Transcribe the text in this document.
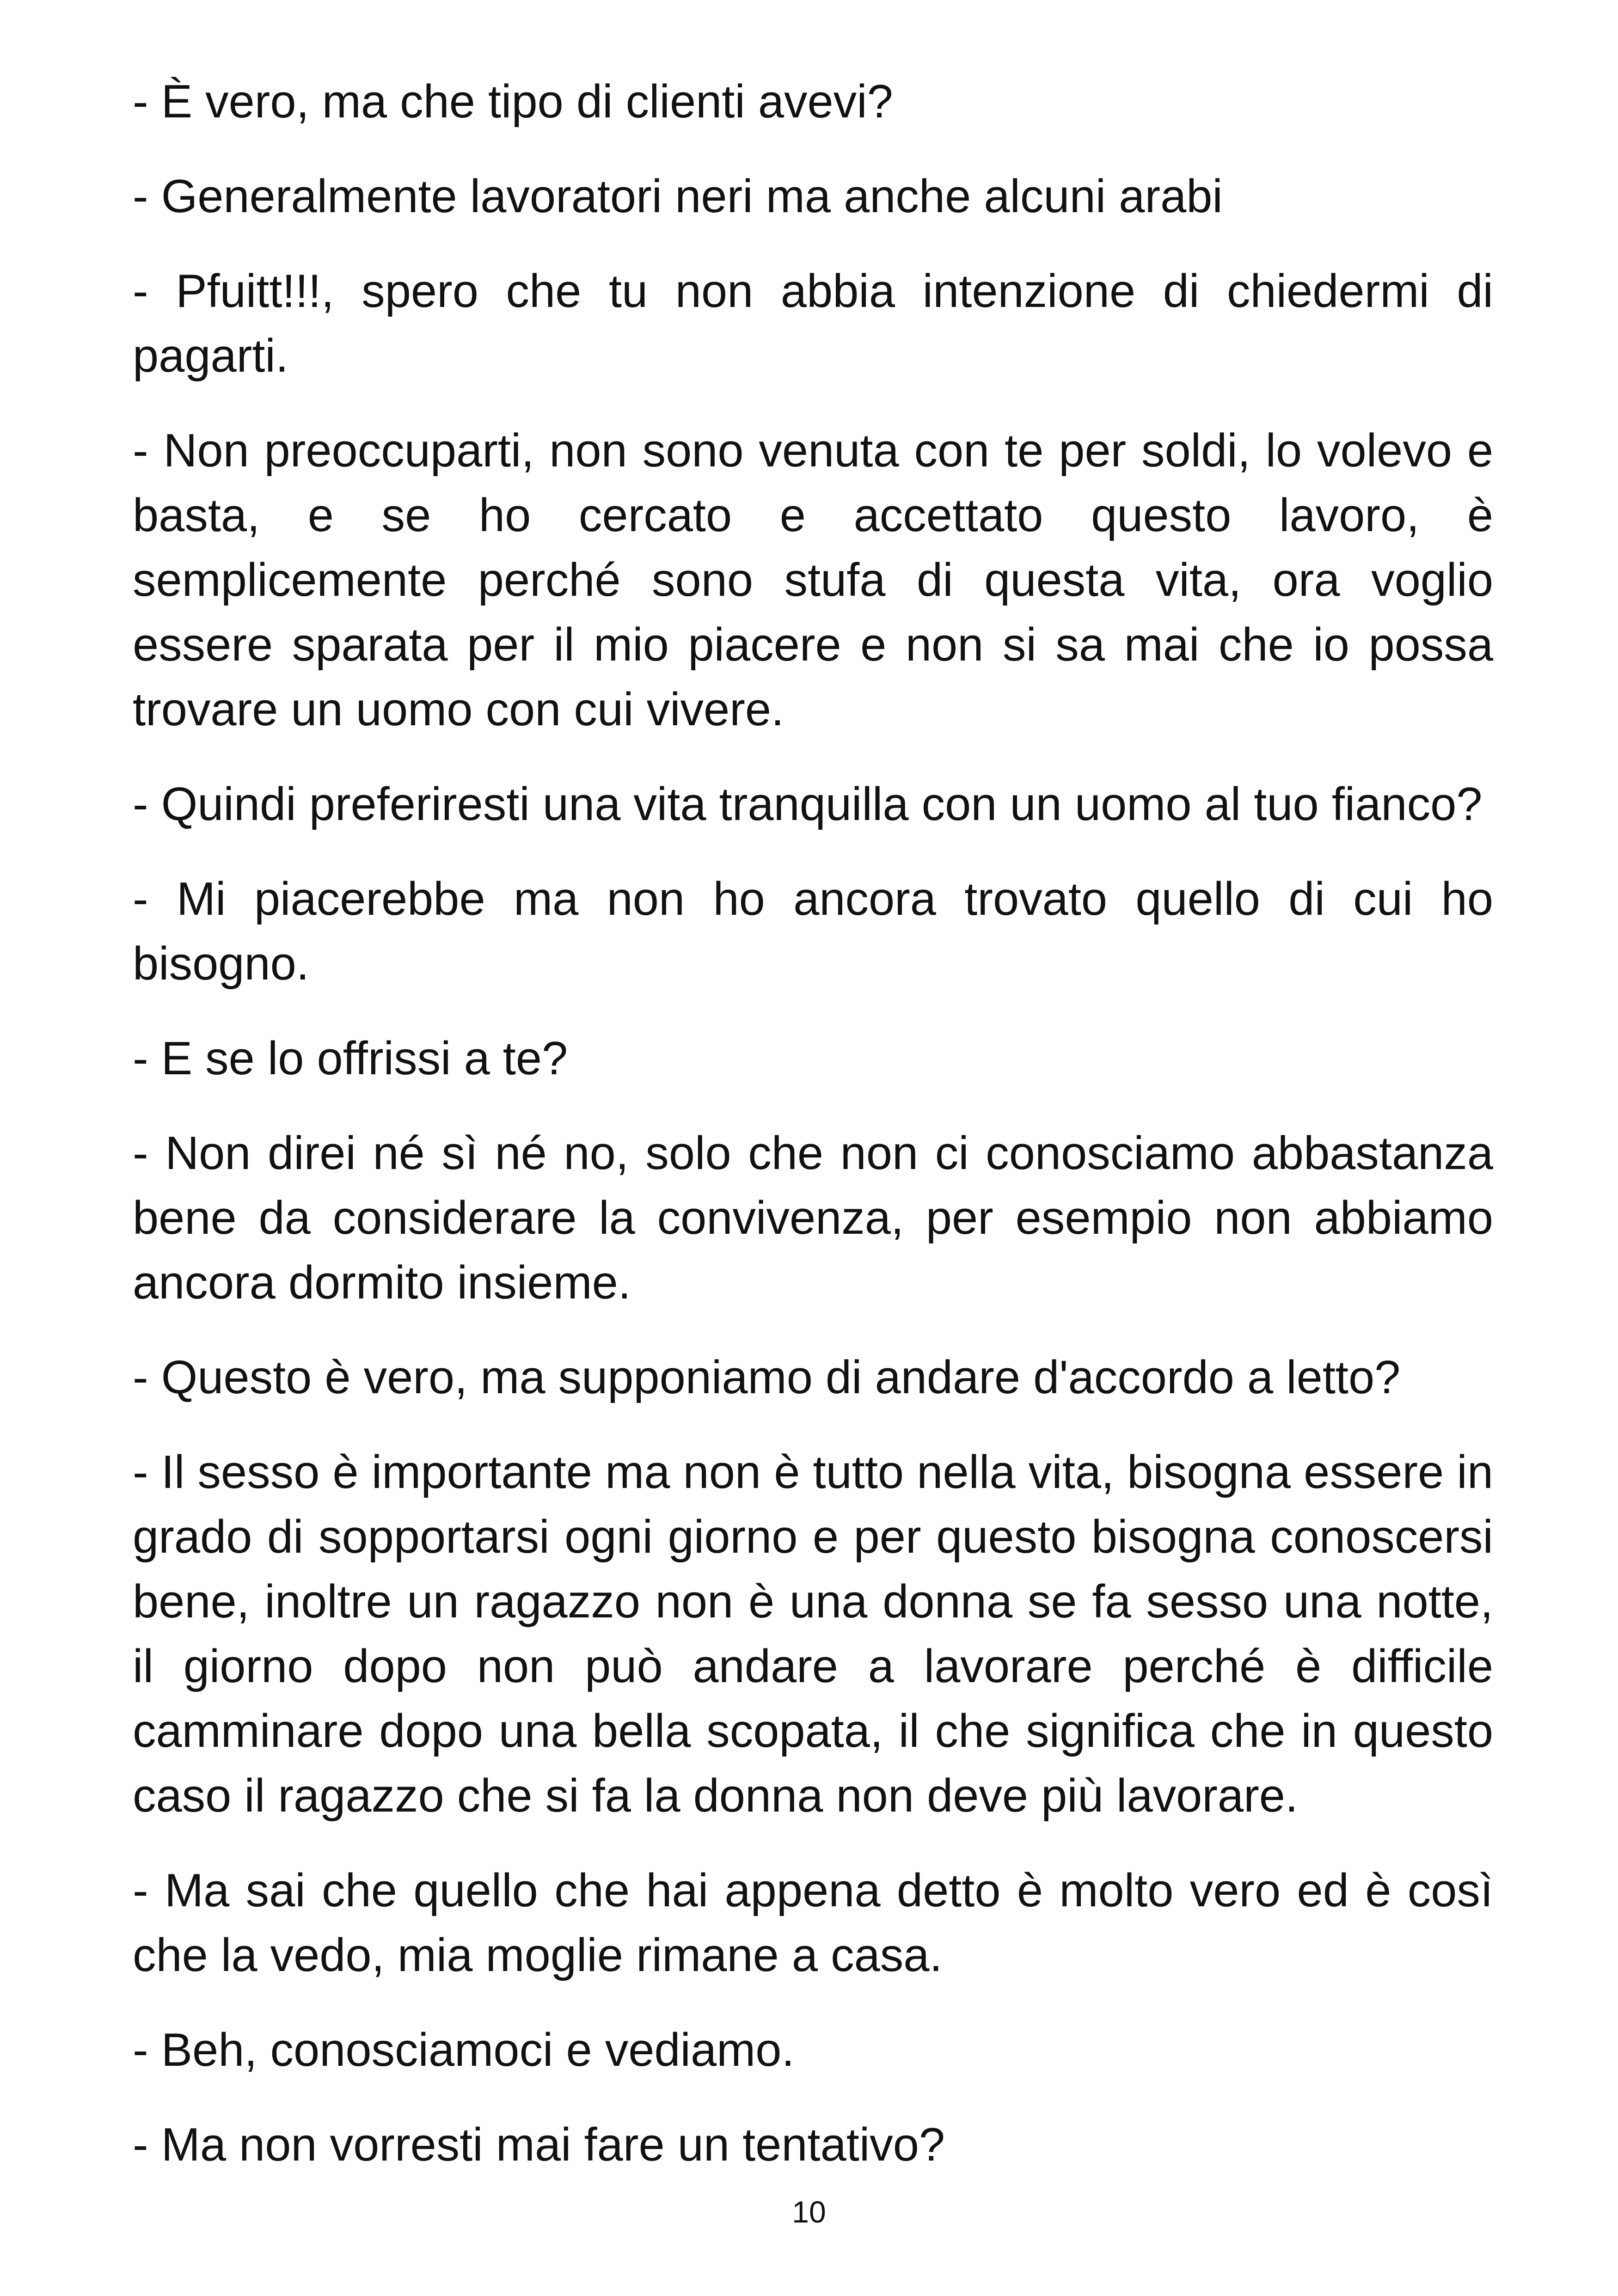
- È vero, ma che tipo di clienti avevi?

- Generalmente lavoratori neri ma anche alcuni arabi

- Pfuitt!!!, spero che tu non abbia intenzione di chiedermi di pagarti.

- Non preoccuparti, non sono venuta con te per soldi, lo volevo e basta, e se ho cercato e accettato questo lavoro, è semplicemente perché sono stufa di questa vita, ora voglio essere sparata per il mio piacere e non si sa mai che io possa trovare un uomo con cui vivere.

- Quindi preferiresti una vita tranquilla con un uomo al tuo fianco?

- Mi piacerebbe ma non ho ancora trovato quello di cui ho bisogno.

- E se lo offrissi a te?

- Non direi né sì né no, solo che non ci conosciamo abbastanza bene da considerare la convivenza, per esempio non abbiamo ancora dormito insieme.

- Questo è vero, ma supponiamo di andare d'accordo a letto?

- Il sesso è importante ma non è tutto nella vita, bisogna essere in grado di sopportarsi ogni giorno e per questo bisogna conoscersi bene, inoltre un ragazzo non è una donna se fa sesso una notte, il giorno dopo non può andare a lavorare perché è difficile camminare dopo una bella scopata, il che significa che in questo caso il ragazzo che si fa la donna non deve più lavorare.

- Ma sai che quello che hai appena detto è molto vero ed è così che la vedo, mia moglie rimane a casa.

- Beh, conosciamoci e vediamo.

- Ma non vorresti mai fare un tentativo?

10
